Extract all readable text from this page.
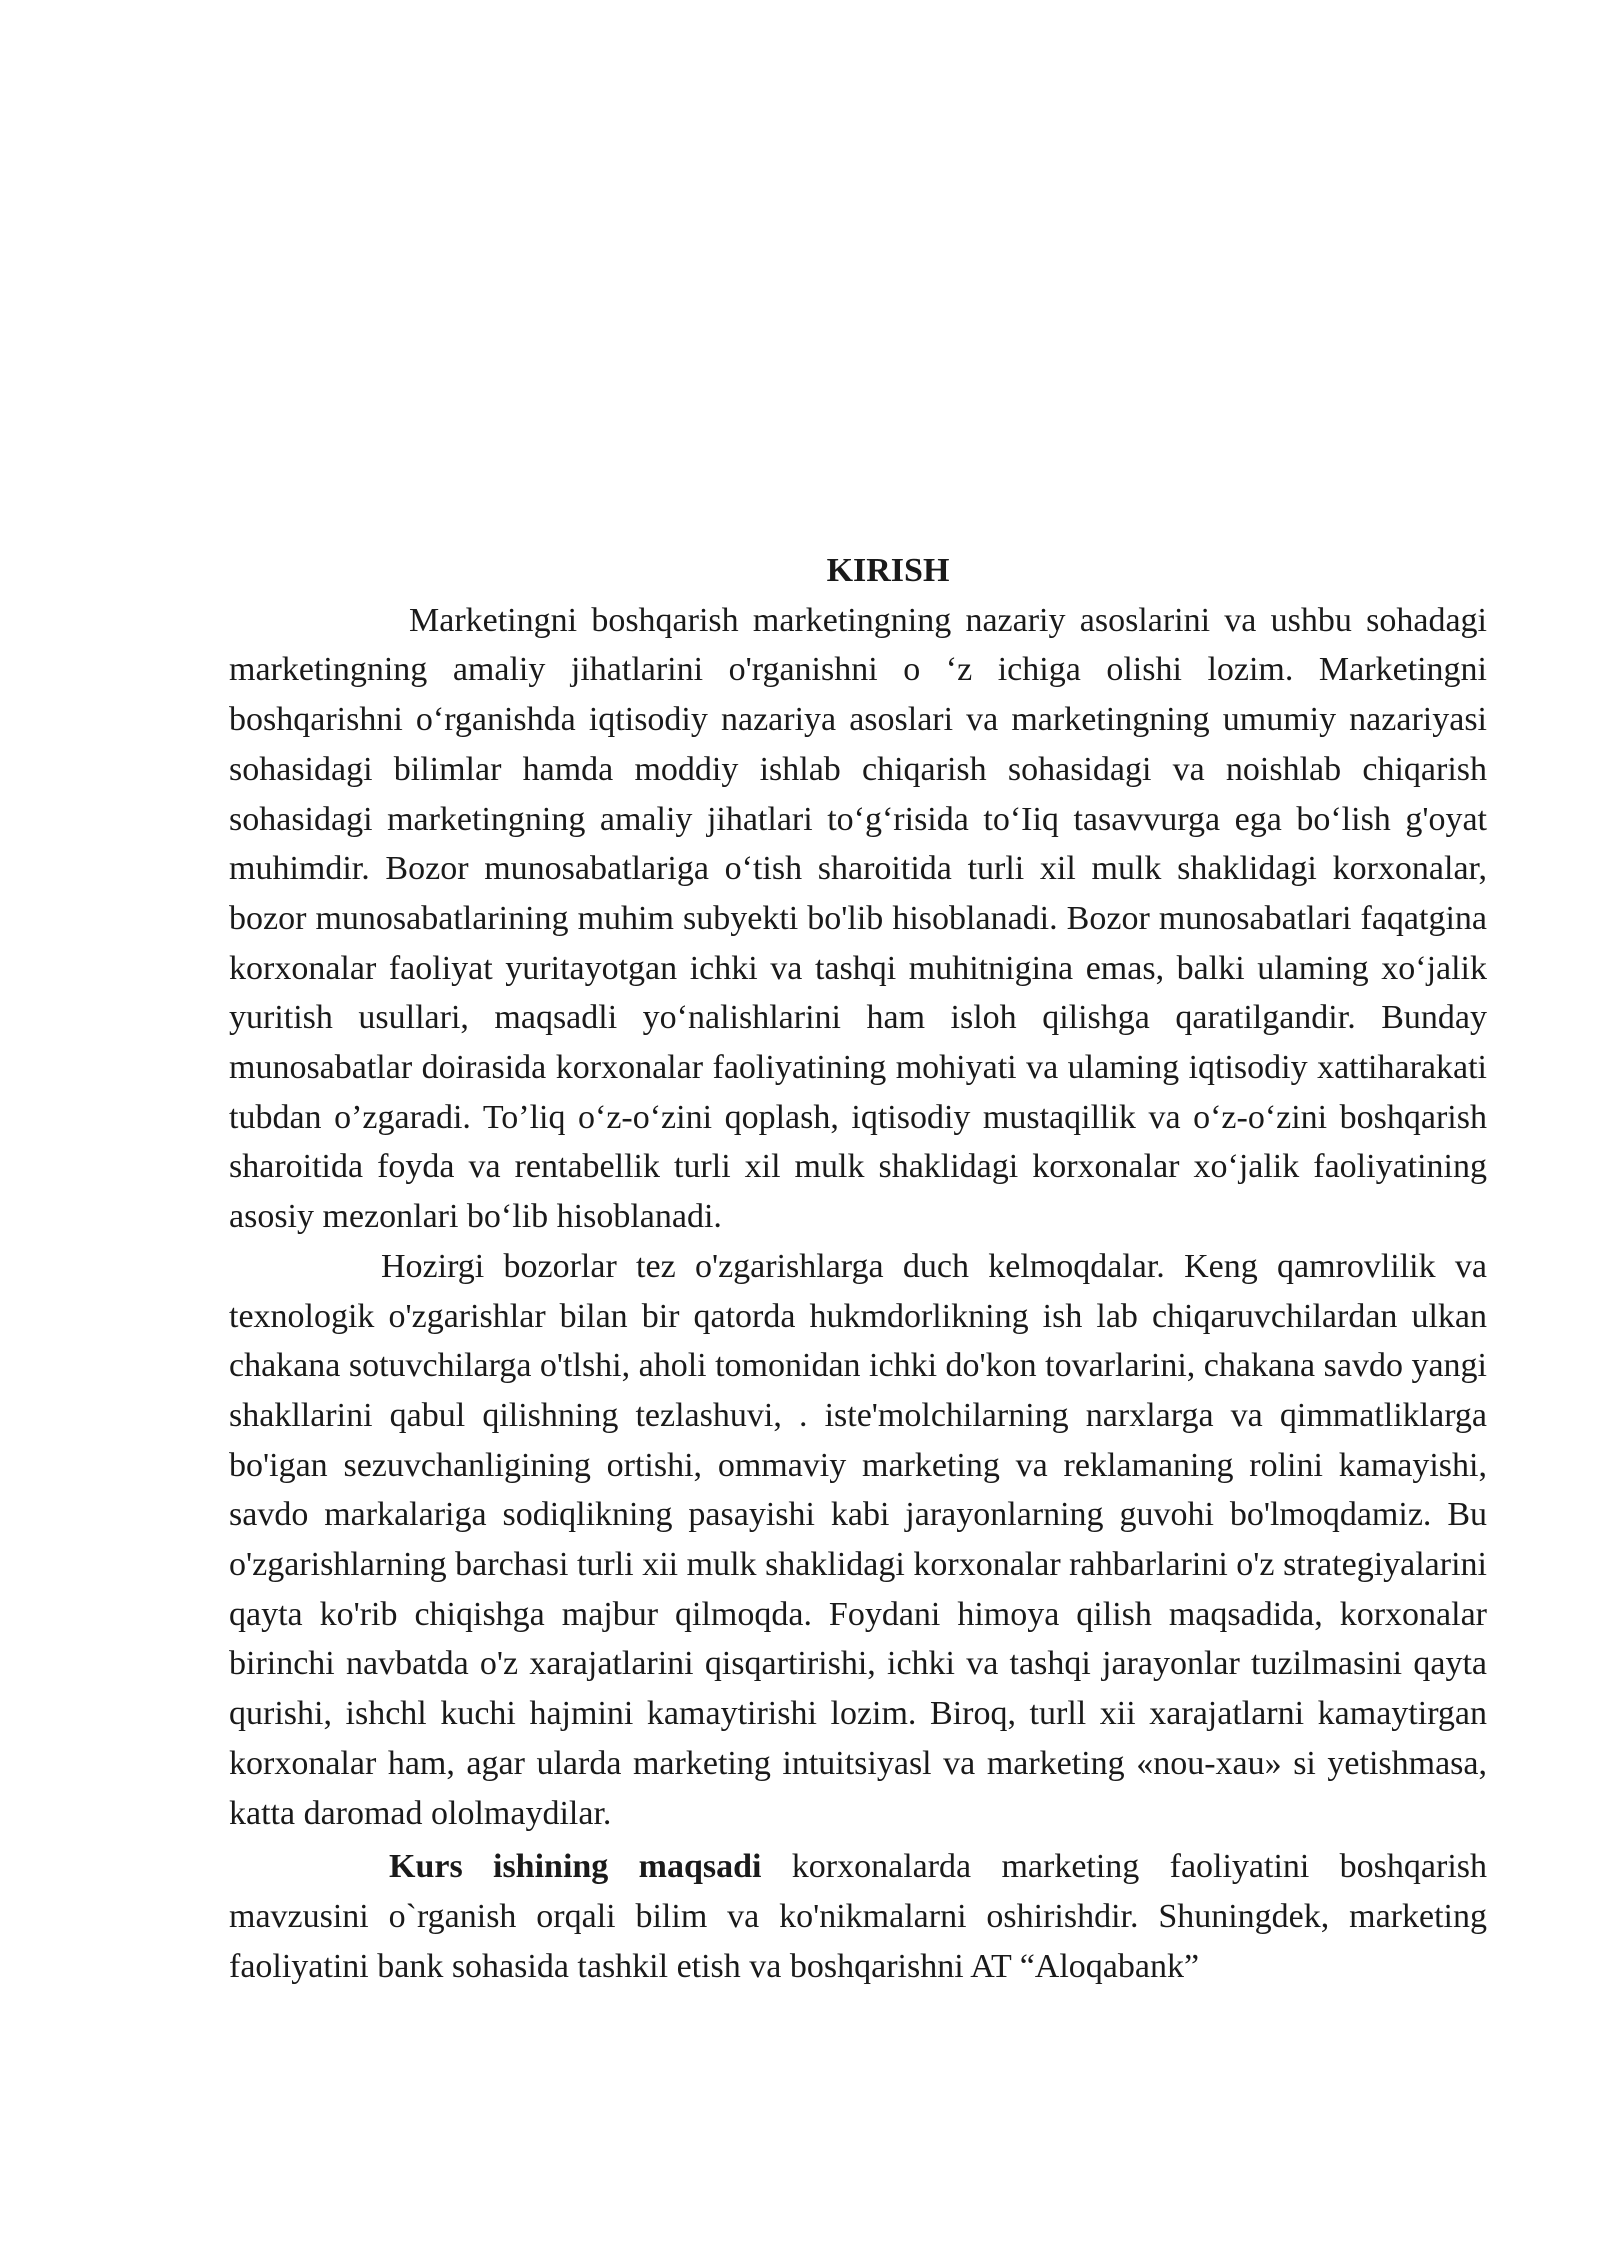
KIRISH

Marketingni boshqarish marketingning nazariy asoslarini va ushbu sohadagi marketingning amaliy jihatlarini o'rganishni o ‘z ichiga olishi lozim. Marketingni boshqarishni o‘rganishda iqtisodiy nazariya asoslari va marketingning umumiy nazariyasi sohasidagi bilimlar hamda moddiy ishlab chiqarish sohasidagi va noishlab chiqarish sohasidagi marketingning amaliy jihatlari to‘g‘risida to‘Iiq tasavvurga ega bo‘lish g'oyat muhimdir. Bozor munosabatlariga o‘tish sharoitida turli xil mulk shaklidagi korxonalar, bozor munosabatlarining muhim subyekti bo'lib hisoblanadi. Bozor munosabatlari faqatgina korxonalar faoliyat yuritayotgan ichki va tashqi muhitnigina emas, balki ulaming xo‘jalik yuritish usullari, maqsadli yo‘nalishlarini ham isloh qilishga qaratilgandir. Bunday munosabatlar doirasida korxonalar faoliyatining mohiyati va ulaming iqtisodiy xattiharakati tubdan o’zgaradi. To’liq o‘z-o‘zini qoplash, iqtisodiy mustaqillik va o‘z-o‘zini boshqarish sharoitida foyda va rentabellik turli xil mulk shaklidagi korxonalar xo‘jalik faoliyatining asosiy mezonlari bo‘lib hisoblanadi.

Hozirgi bozorlar tez o'zgarishlarga duch kelmoqdalar. Keng qamrovlilik va texnologik o'zgarishlar bilan bir qatorda hukmdorlikning ish lab chiqaruvchilardan ulkan chakana sotuvchilarga o'tlshi, aholi tomonidan ichki do'kon tovarlarini, chakana savdo yangi shakllarini qabul qilishning tezlashuvi, . iste'molchilarning narxlarga va qimmatliklarga bo'igan sezuvchanligining ortishi, ommaviy marketing va reklamaning rolini kamayishi, savdo markalariga sodiqlikning pasayishi kabi jarayonlarning guvohi bo'lmoqdamiz. Bu o'zgarishlarning barchasi turli xii mulk shaklidagi korxonalar rahbarlarini o'z strategiyalarini qayta ko'rib chiqishga majbur qilmoqda. Foydani himoya qilish maqsadida, korxonalar birinchi navbatda o'z xarajatlarini qisqartirishi, ichki va tashqi jarayonlar tuzilmasini qayta qurishi, ishchl kuchi hajmini kamaytirishi lozim. Biroq, turll xii xarajatlarni kamaytirgan korxonalar ham, agar ularda marketing intuitsiyasl va marketing «nou-xau» si yetishmasa, katta daromad ololmaydilar.

Kurs ishining maqsadi korxonalarda marketing faoliyatini boshqarish mavzusini o`rganish orqali bilim va ko'nikmalarni oshirishdir. Shuningdek, marketing faoliyatini bank sohasida tashkil etish va boshqarishni AT “Aloqabank”
